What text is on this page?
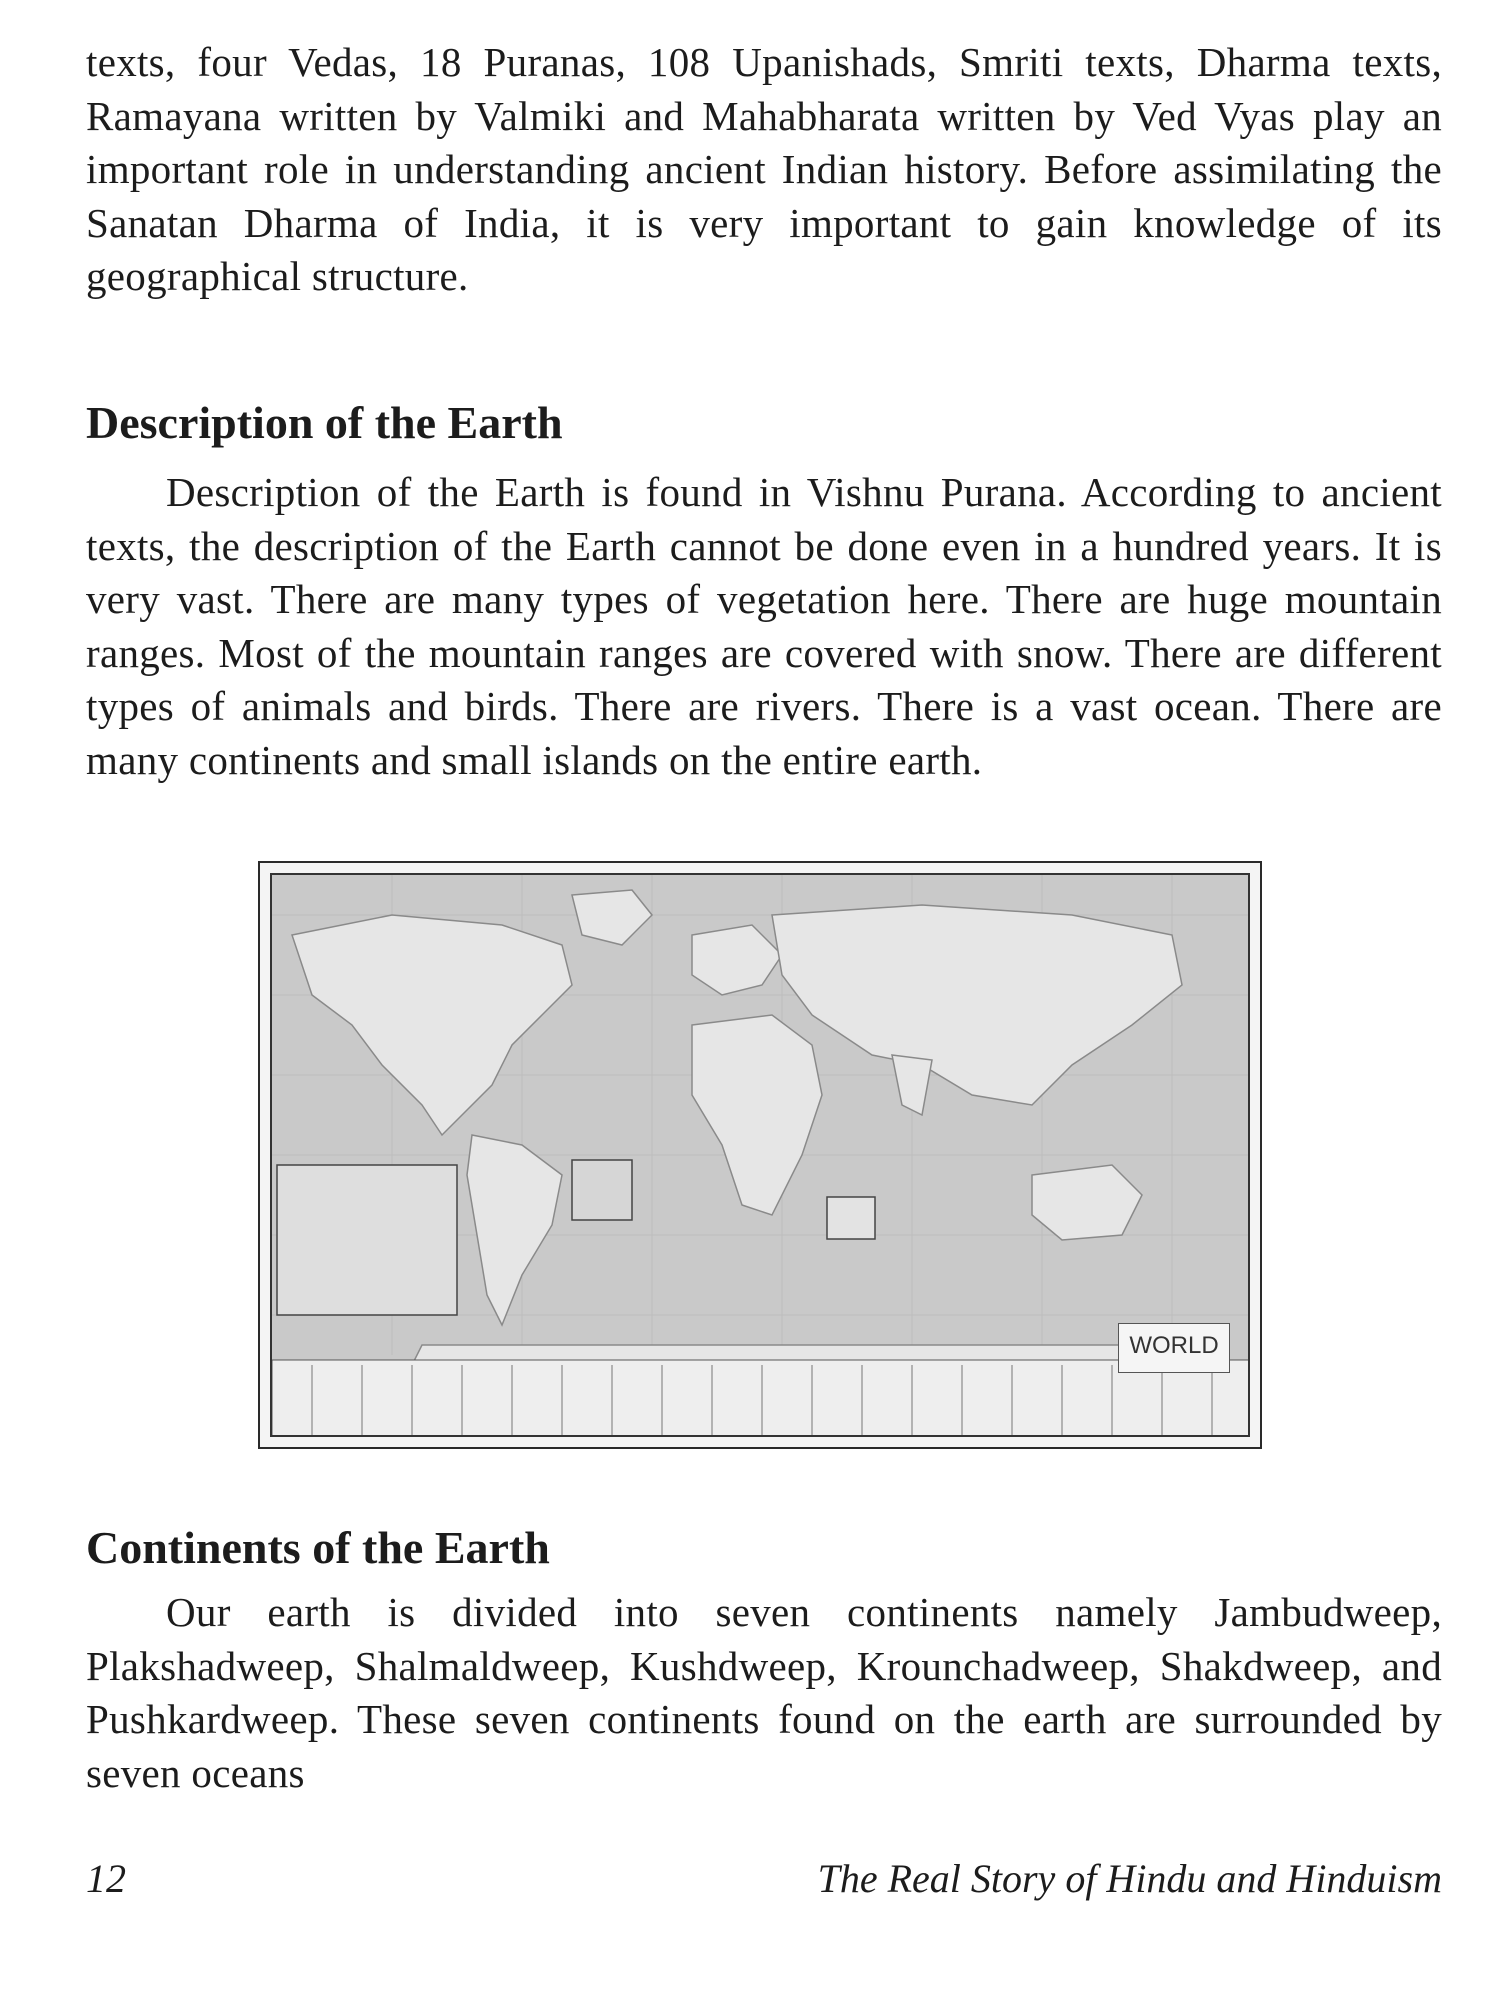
texts, four Vedas, 18 Puranas, 108 Upanishads, Smriti texts, Dharma texts, Ramayana written by Valmiki and Mahabharata written by Ved Vyas play an important role in understanding ancient Indian history. Before assimilating the Sanatan Dharma of India, it is very important to gain knowledge of its geographical structure.

Description of the Earth

Description of the Earth is found in Vishnu Purana. According to ancient texts, the description of the Earth cannot be done even in a hundred years. It is very vast. There are many types of vegetation here. There are huge mountain ranges. Most of the mountain ranges are covered with snow. There are different types of animals and birds. There are rivers. There is a vast ocean. There are many continents and small islands on the entire earth.

Continents of the Earth

Our earth is divided into seven continents namely Jambudweep, Plakshadweep, Shalmaldweep, Kushdweep, Krounchadweep, Shakdweep, and Pushkardweep. These seven continents found on the earth are surrounded by seven oceans

WORLD
12	The Real Story of Hindu and Hinduism
